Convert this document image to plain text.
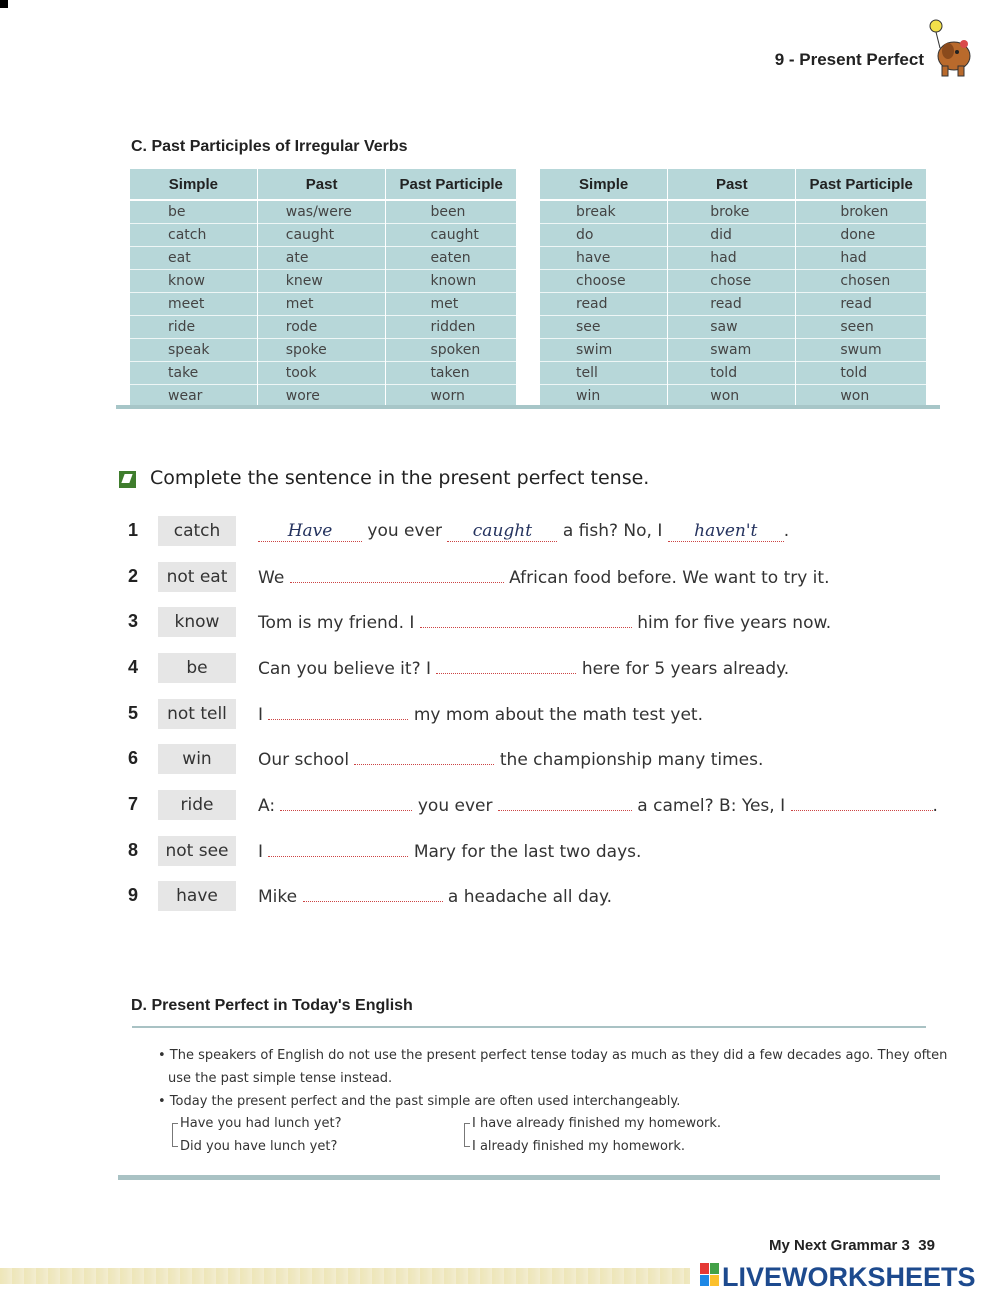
9 - Present Perfect
C. Past Participles of Irregular Verbs
Simple	Past	Past Participle
be	was/were	been
catch	caught	caught
eat	ate	eaten
know	knew	known
meet	met	met
ride	rode	ridden
speak	spoke	spoken
take	took	taken
wear	wore	worn
Simple	Past	Past Participle
break	broke	broken
do	did	done
have	had	had
choose	chose	chosen
read	read	read
see	saw	seen
swim	swam	swum
tell	told	told
win	won	won
Complete the sentence in the present perfect tense.
1	catch	Have you ever caught a fish? No, I haven't .
2	not eat	We	African food before. We want to try it.
3	know	Tom is my friend. I	him for five years now.
4	be	Can you believe it? I	here for 5 years already.
5	not tell	I	my mom about the math test yet.
6	win	Our school	the championship many times.
7	ride	A:	you ever	a camel? B: Yes, I	.
8	not see	I	Mary for the last two days.
9	have	Mike	a headache all day.
D. Present Perfect in Today's English
• The speakers of English do not use the present perfect tense today as much as they did a few decades ago. They often
use the past simple tense instead.
• Today the present perfect and the past simple are often used interchangeably.
Have you had lunch yet?
Did you have lunch yet?
I have already finished my homework.
I already finished my homework.
My Next Grammar 3 39
LIVEWORKSHEETS
